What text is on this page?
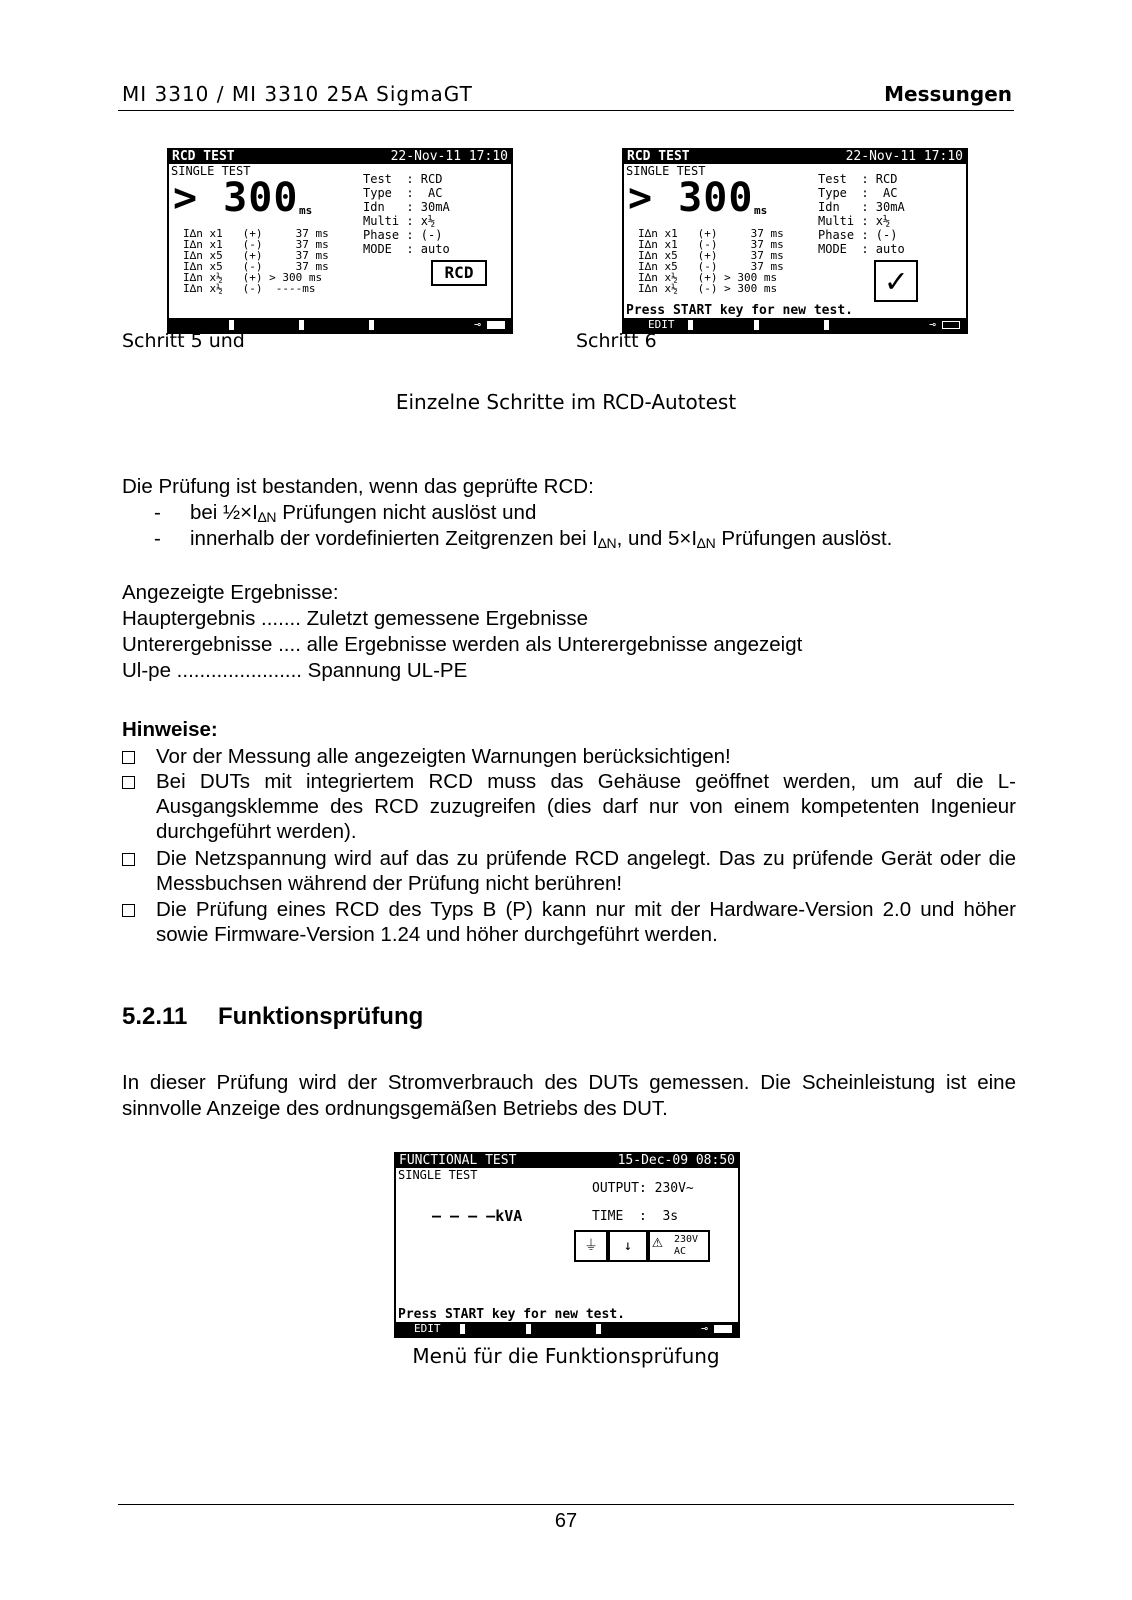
MI 3310 / MI 3310 25A SigmaGT	Messungen
RCD TEST	22-Nov-11 17:10
SINGLE TEST
> 300 ms
Test  : RCD
Type  :  AC
Idn   : 30mA
Multi : x½
Phase : (-)
MODE  : auto
I∆n x1   (+)     37 ms
I∆n x1   (-)     37 ms
I∆n x5   (+)     37 ms
I∆n x5   (-)     37 ms
I∆n x½   (+) > 300 ms
I∆n x½   (-)  ----ms
RCD
⊸
Schritt 5 und
RCD TEST	22-Nov-11 17:10
SINGLE TEST
> 300 ms
Test  : RCD
Type  :  AC
Idn   : 30mA
Multi : x½
Phase : (-)
MODE  : auto
I∆n x1   (+)     37 ms
I∆n x1   (-)     37 ms
I∆n x5   (+)     37 ms
I∆n x5   (-)     37 ms
I∆n x½   (+) > 300 ms
I∆n x½   (-) > 300 ms	✓
Press START key for new test.
EDIT	⊸
Schritt 6
Einzelne Schritte im RCD-Autotest
Die Prüfung ist bestanden, wenn das geprüfte RCD:
- bei ½×I∆N Prüfungen nicht auslöst und
- innerhalb der vordefinierten Zeitgrenzen bei I∆N, und 5×I∆N Prüfungen auslöst.
Angezeigte Ergebnisse:
Hauptergebnis ....... Zuletzt gemessene Ergebnisse
Unterergebnisse .... alle Ergebnisse werden als Unterergebnisse angezeigt
Ul-pe ...................... Spannung UL-PE
Hinweise:
Vor der Messung alle angezeigten Warnungen berücksichtigen!
Bei DUTs mit integriertem RCD muss das Gehäuse geöffnet werden, um auf die L-Ausgangsklemme des RCD zuzugreifen (dies darf nur von einem kompetenten Ingenieur durchgeführt werden).
Die Netzspannung wird auf das zu prüfende RCD angelegt. Das zu prüfende Gerät oder die Messbuchsen während der Prüfung nicht berühren!
Die Prüfung eines RCD des Typs B (P) kann nur mit der Hardware-Version 2.0 und höher sowie Firmware-Version 1.24 und höher durchgeführt werden.
5.2.11 Funktionsprüfung
In dieser Prüfung wird der Stromverbrauch des DUTs gemessen. Die Scheinleistung ist eine sinnvolle Anzeige des ordnungsgemäßen Betriebs des DUT.
FUNCTIONAL TEST	15-Dec-09 08:50
SINGLE TEST
OUTPUT: 230V~
— — — —kVA	TIME  :  3s
⏚	↓	⚠ 230V AC
Press START key for new test.
EDIT	⊸
Menü für die Funktionsprüfung
67
